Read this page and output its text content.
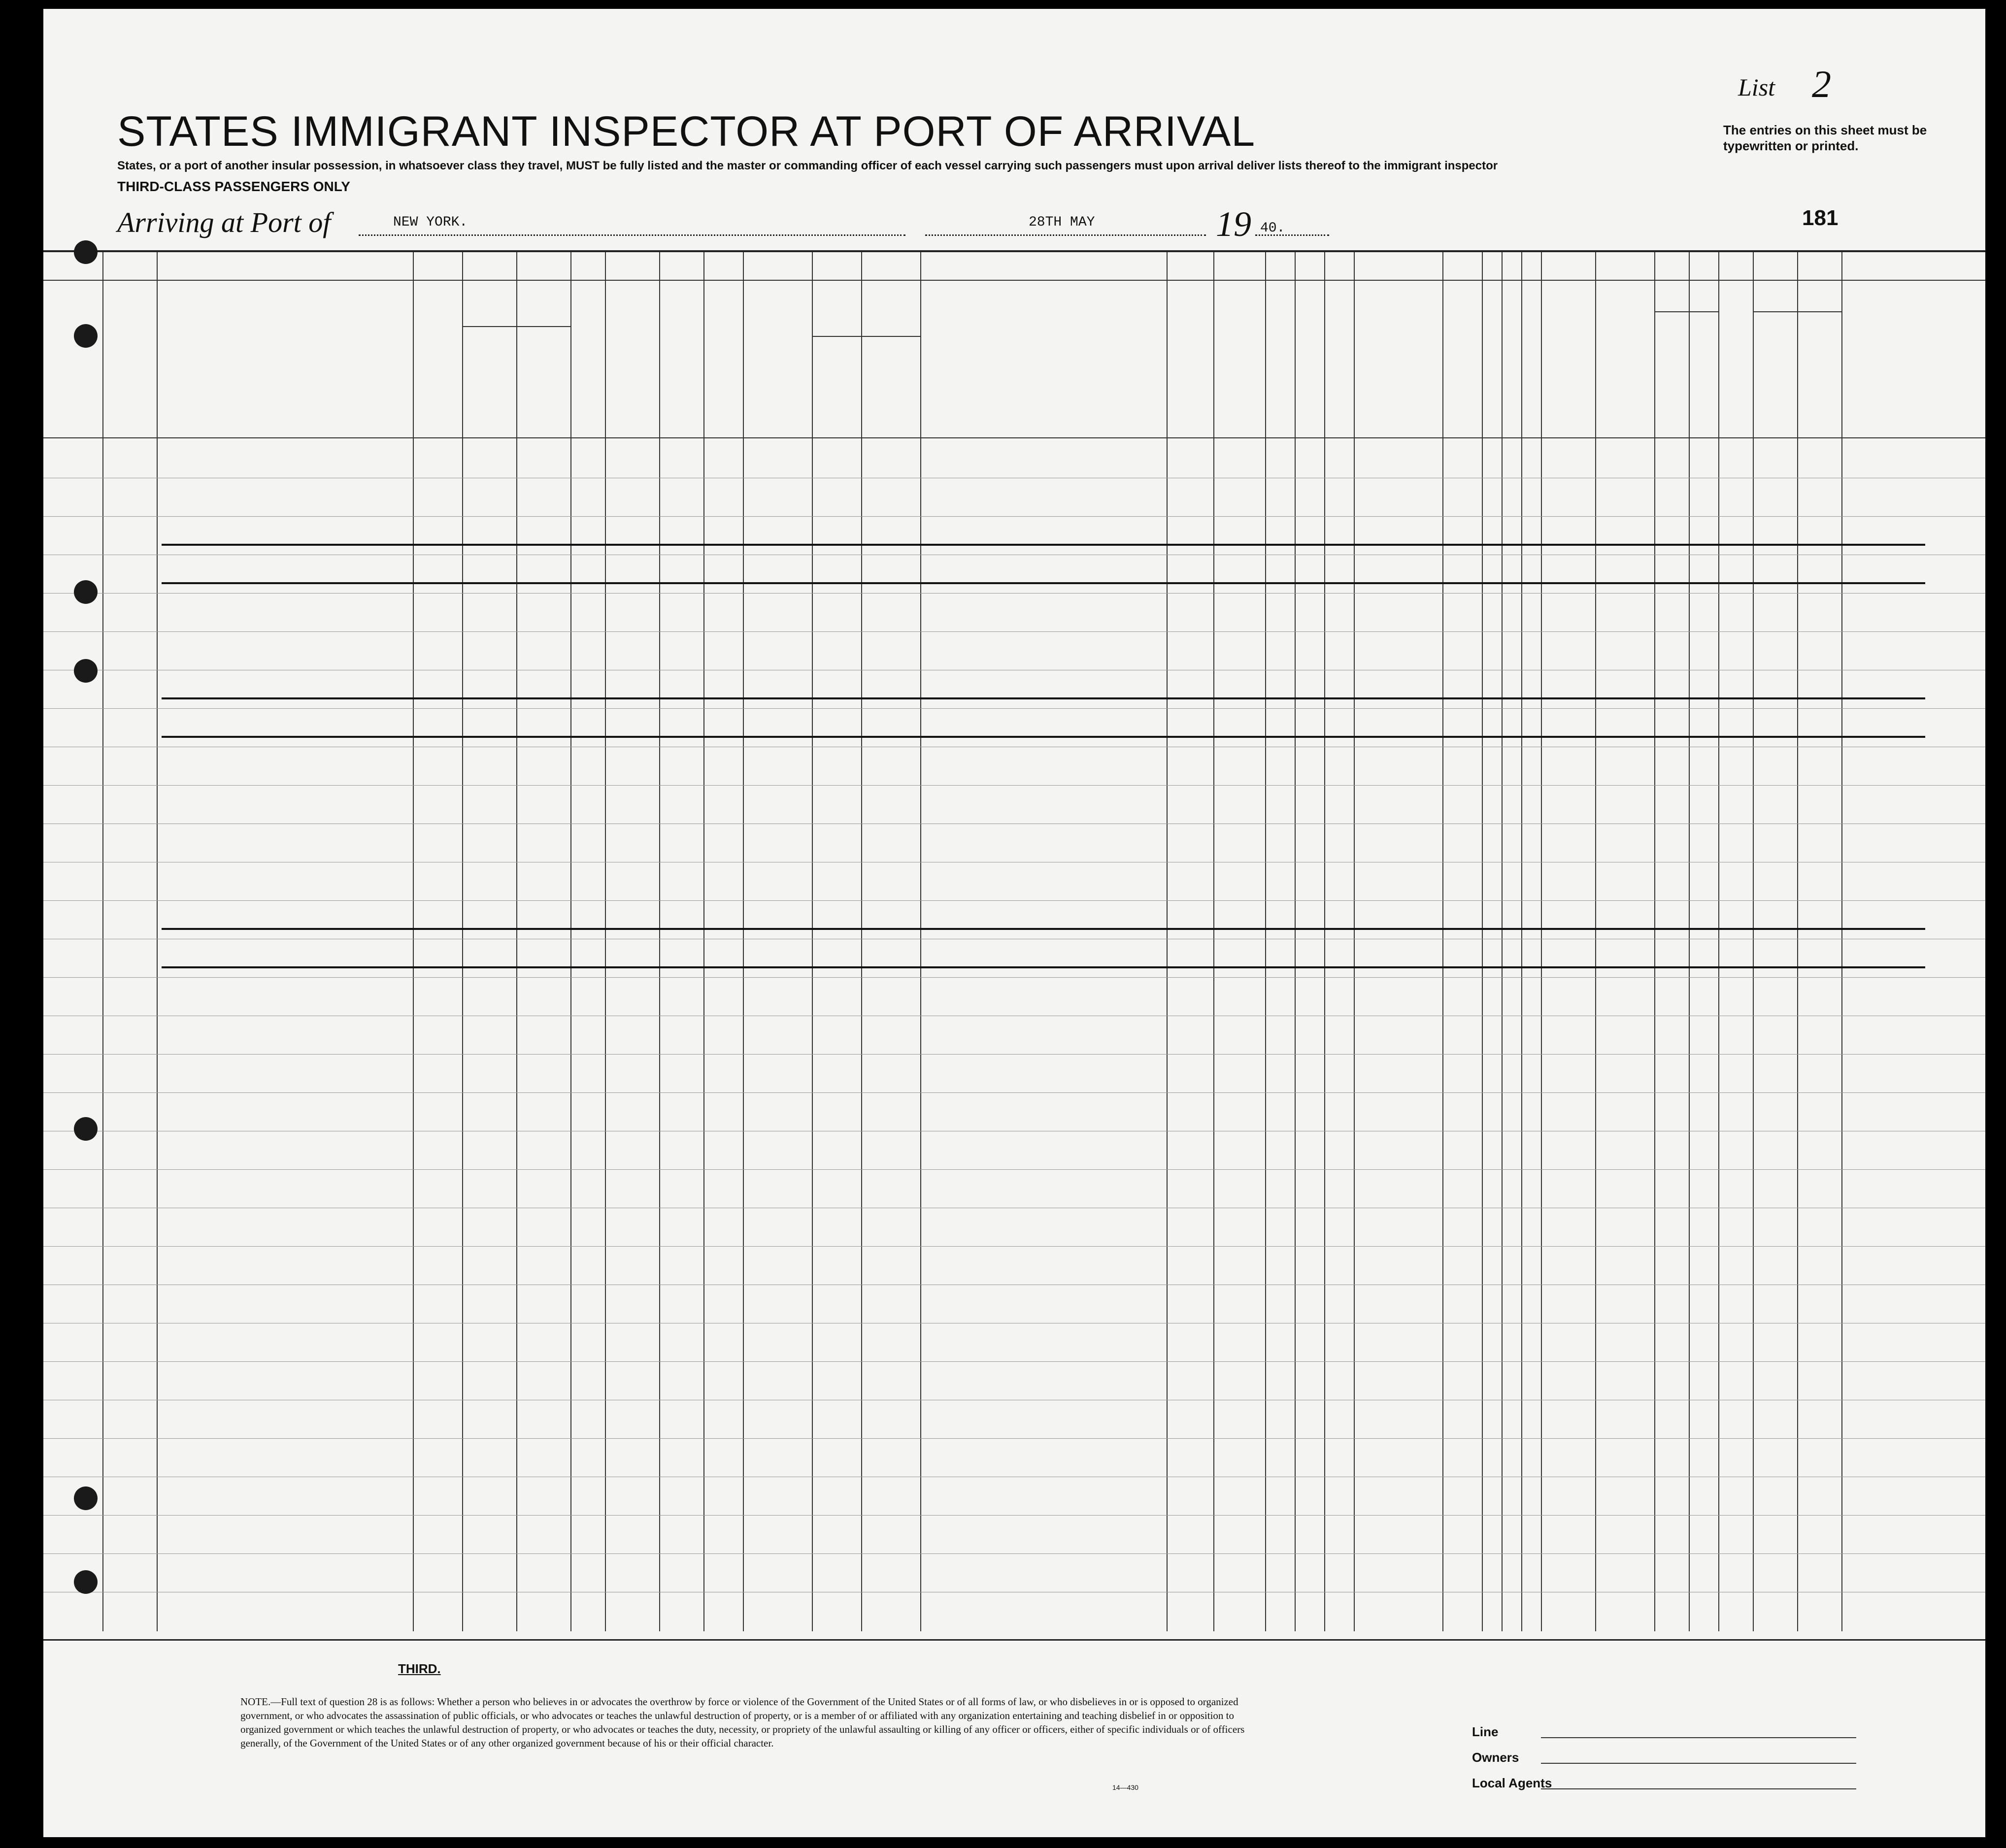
List 2
STATES IMMIGRANT INSPECTOR AT PORT OF ARRIVAL	The entries on this sheet must be typewritten or printed.
States, or a port of another insular possession, in whatsoever class they travel, MUST be fully listed and the master or commanding officer of each vessel carrying such passengers must upon arrival deliver lists thereof to the immigrant inspector
THIRD-CLASS PASSENGERS ONLY
Arriving at Port of	NEW YORK.	28TH MAY	19 40.	181
THIRD.
NOTE.—Full text of question 28 is as follows: Whether a person who believes in or advocates the overthrow by force or violence of the Government of the United States or of all forms of law, or who disbelieves in or is opposed to organized government, or who advocates the assassination of public officials, or who advocates or teaches the unlawful destruction of property, or is a member of or affiliated with any organization entertaining and teaching disbelief in or opposition to organized government or which teaches the unlawful destruction of property, or who advocates or teaches the duty, necessity, or propriety of the unlawful assaulting or killing of any officer or officers, either of specific individuals or of officers generally, of the Government of the United States or of any other organized government because of his or their official character.
14—430
Line
Owners
Local Agents
